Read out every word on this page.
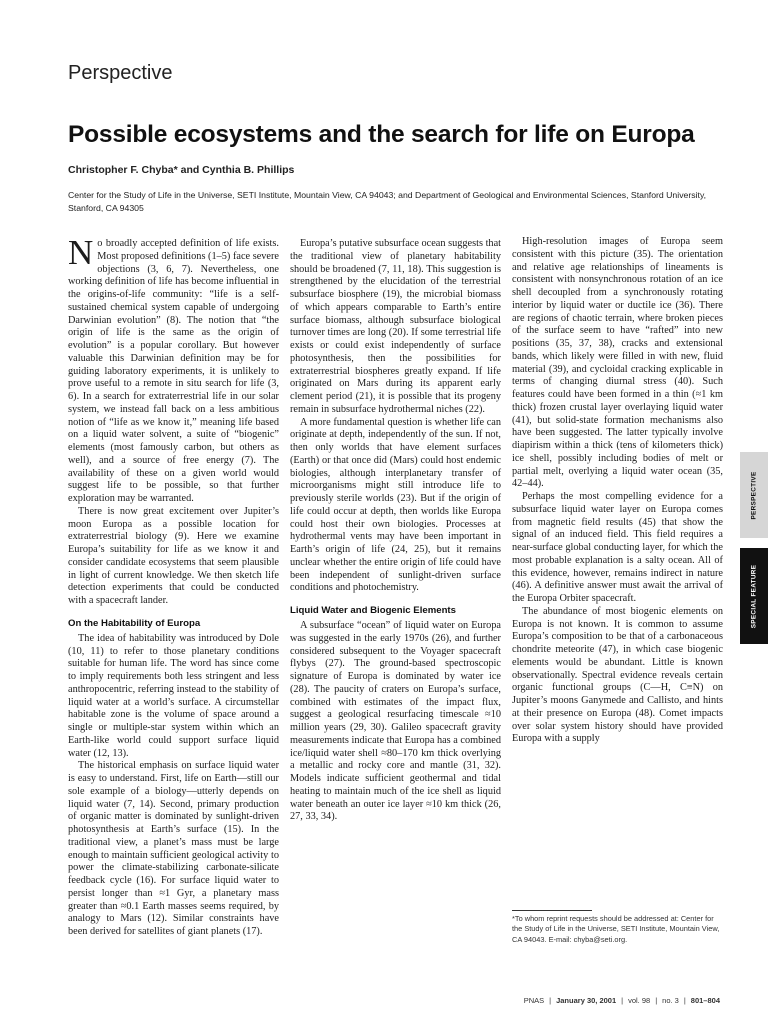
Perspective
Possible ecosystems and the search for life on Europa
Christopher F. Chyba* and Cynthia B. Phillips
Center for the Study of Life in the Universe, SETI Institute, Mountain View, CA 94043; and Department of Geological and Environmental Sciences, Stanford University, Stanford, CA 94305

No broadly accepted definition of life exists. Most proposed definitions (1–5) face severe objections (3, 6, 7). Nevertheless, one working definition of life has become influential in the origins-of-life community: “life is a self-sustained chemical system capable of undergoing Darwinian evolution” (8). The notion that “the origin of life is the same as the origin of evolution” is a popular corollary. But however valuable this Darwinian definition may be for guiding laboratory experiments, it is unlikely to prove useful to a remote in situ search for life (3, 6). In a search for extraterrestrial life in our solar system, we instead fall back on a less ambitious notion of “life as we know it,” meaning life based on a liquid water solvent, a suite of “biogenic” elements (most famously carbon, but others as well), and a source of free energy (7). The availability of these on a given world would suggest life to be possible, so that further exploration may be warranted.

There is now great excitement over Jupiter’s moon Europa as a possible location for extraterrestrial biology (9). Here we examine Europa’s suitability for life as we know it and consider candidate ecosystems that seem plausible in light of current knowledge. We then sketch life detection experiments that could be conducted with a spacecraft lander.

On the Habitability of Europa

The idea of habitability was introduced by Dole (10, 11) to refer to those planetary conditions suitable for human life. The word has since come to imply requirements both less stringent and less anthropocentric, referring instead to the stability of liquid water at a world’s surface. A circumstellar habitable zone is the volume of space around a single or multiple-star system within which an Earth-like world could support surface liquid water (12, 13).

The historical emphasis on surface liquid water is easy to understand. First, life on Earth—still our sole example of a biology—utterly depends on liquid water (7, 14). Second, primary production of organic matter is dominated by sunlight-driven photosynthesis at Earth’s surface (15). In the traditional view, a planet’s mass must be large enough to maintain sufficient geological activity to power the climate-stabilizing carbonate-silicate feedback cycle (16). For surface liquid water to persist longer than ≈1 Gyr, a planetary mass greater than ≈0.1 Earth masses seems required, by analogy to Mars (12). Similar constraints have been derived for satellites of giant planets (17).

Europa’s putative subsurface ocean suggests that the traditional view of planetary habitability should be broadened (7, 11, 18). This suggestion is strengthened by the elucidation of the terrestrial subsurface biosphere (19), the microbial biomass of which appears comparable to Earth’s entire surface biomass, although subsurface biological turnover times are long (20). If some terrestrial life exists or could exist independently of surface photosynthesis, then the possibilities for extraterrestrial biospheres greatly expand. If life originated on Mars during its apparent early clement period (21), it is possible that its progeny remain in subsurface hydrothermal niches (22).

A more fundamental question is whether life can originate at depth, independently of the sun. If not, then only worlds that have element surfaces (Earth) or that once did (Mars) could host endemic biologies, although interplanetary transfer of microorganisms might still introduce life to previously sterile worlds (23). But if the origin of life could occur at depth, then worlds like Europa could host their own biologies. Processes at hydrothermal vents may have been important in Earth’s origin of life (24, 25), but it remains unclear whether the entire origin of life could have been independent of sunlight-driven surface conditions and photochemistry.

Liquid Water and Biogenic Elements

A subsurface “ocean” of liquid water on Europa was suggested in the early 1970s (26), and further considered subsequent to the Voyager spacecraft flybys (27). The ground-based spectroscopic signature of Europa is dominated by water ice (28). The paucity of craters on Europa’s surface, combined with estimates of the impact flux, suggest a geological resurfacing timescale ≈10 million years (29, 30). Galileo spacecraft gravity measurements indicate that Europa has a combined ice/liquid water shell ≈80–170 km thick overlying a metallic and rocky core and mantle (31, 32). Models indicate sufficient geothermal and tidal heating to maintain much of the ice shell as liquid water beneath an outer ice layer ≈10 km thick (26, 27, 33, 34).

High-resolution images of Europa seem consistent with this picture (35). The orientation and relative age relationships of lineaments is consistent with nonsynchronous rotation of an ice shell decoupled from a synchronously rotating interior by liquid water or ductile ice (36). There are regions of chaotic terrain, where broken pieces of the surface seem to have “rafted” into new positions (35, 37, 38), cracks and extensional bands, which likely were filled in with new, fluid material (39), and cycloidal cracking explicable in terms of changing diurnal stress (40). Such features could have been formed in a thin (≈1 km thick) frozen crustal layer overlaying liquid water (41), but solid-state formation mechanisms also have been suggested. The latter typically involve diapirism within a thick (tens of kilometers thick) ice shell, possibly including bodies of melt or partial melt, overlying a liquid water ocean (35, 42–44).

Perhaps the most compelling evidence for a subsurface liquid water layer on Europa comes from magnetic field results (45) that show the signal of an induced field. This field requires a near-surface global conducting layer, for which the most probable explanation is a salty ocean. All of this evidence, however, remains indirect in nature (46). A definitive answer must await the arrival of the Europa Orbiter spacecraft.

The abundance of most biogenic elements on Europa is not known. It is common to assume Europa’s composition to be that of a carbonaceous chondrite meteorite (47), in which case biogenic elements would be abundant. Little is known observationally. Spectral evidence reveals certain organic functional groups (C—H, C≡N) on Jupiter’s moons Ganymede and Callisto, and hints at their presence on Europa (48). Comet impacts over solar system history should have provided Europa with a supply

*To whom reprint requests should be addressed at: Center for the Study of Life in the Universe, SETI Institute, Mountain View, CA 94043. E-mail: chyba@seti.org.
PNAS | January 30, 2001 | vol. 98 | no. 3 | 801–804
PERSPECTIVE
SPECIAL FEATURE
